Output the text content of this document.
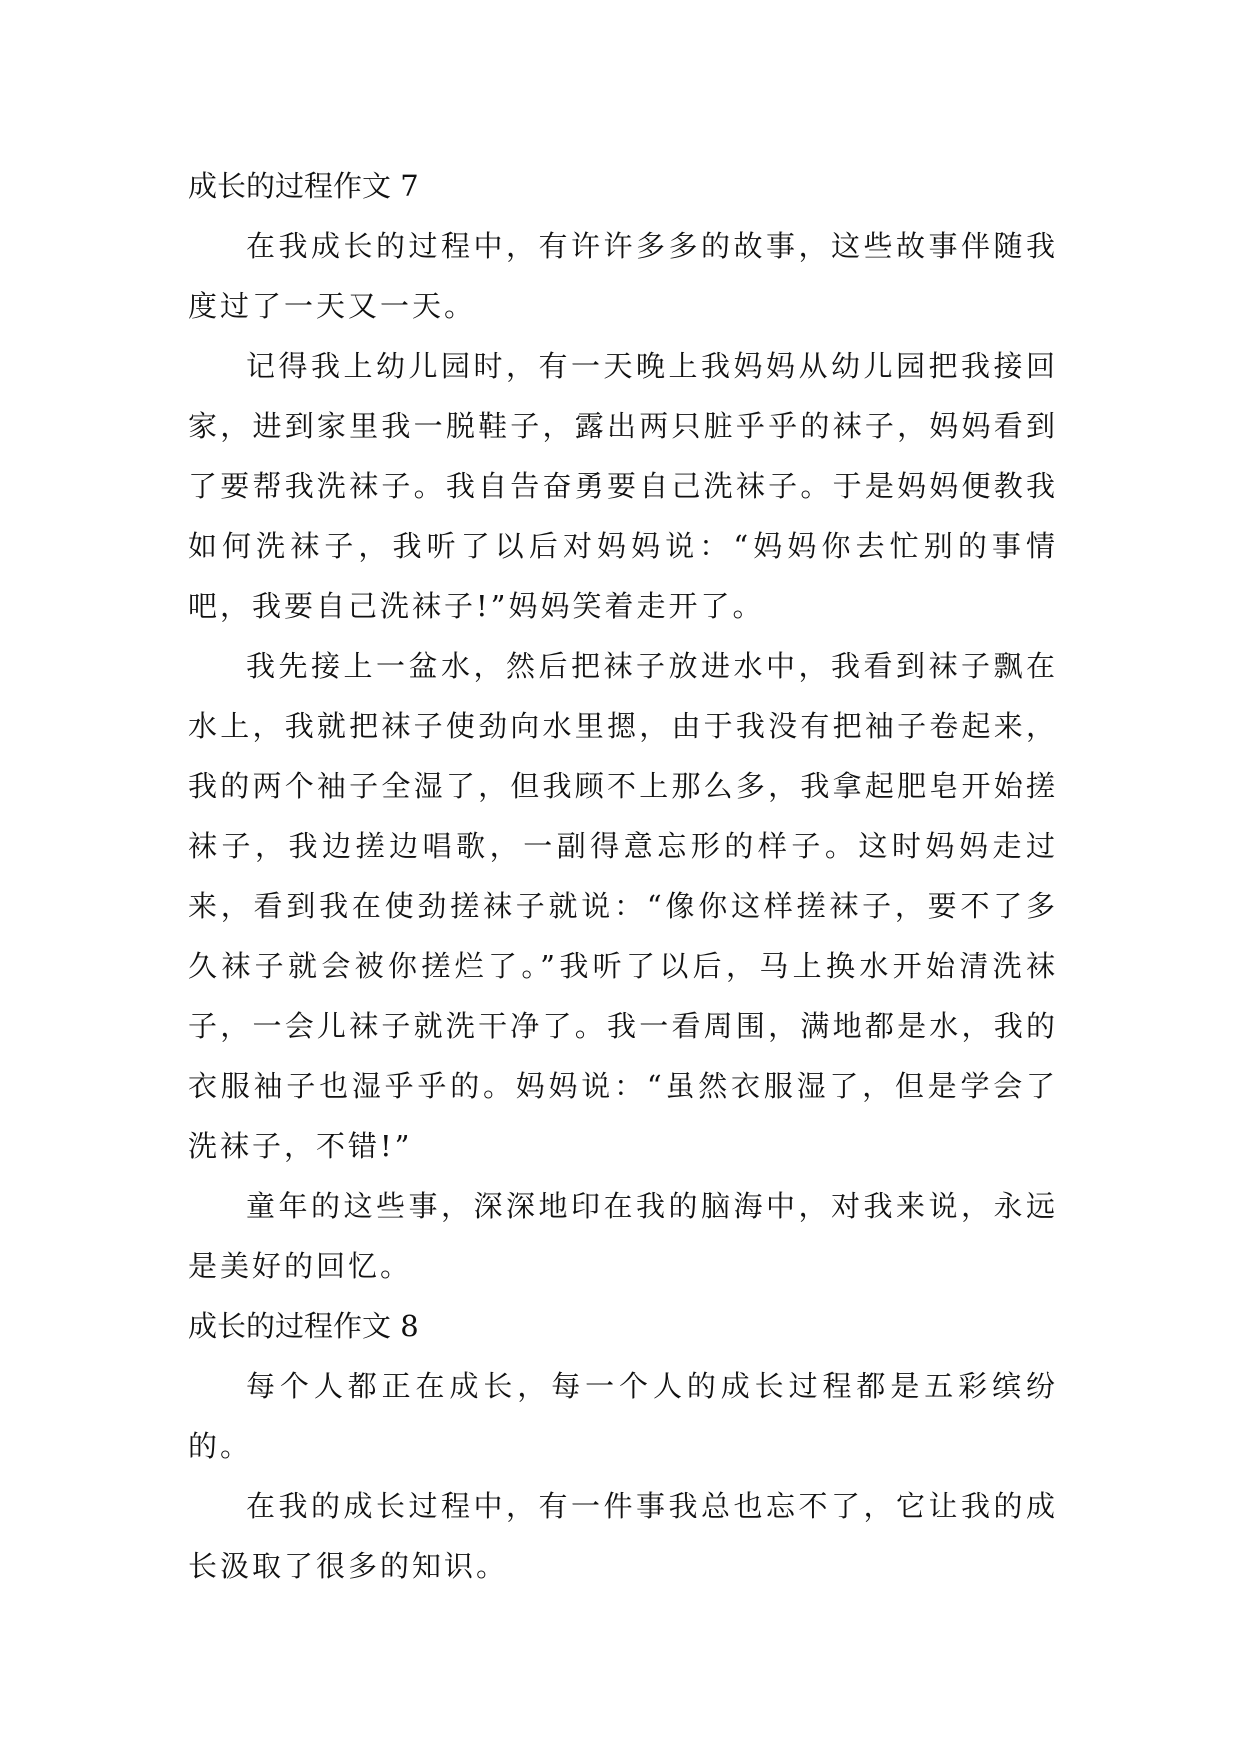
成长的过程作文 7

在我成长的过程中，有许许多多的故事，这些故事伴随我度过了一天又一天。

记得我上幼儿园时，有一天晚上我妈妈从幼儿园把我接回家，进到家里我一脱鞋子，露出两只脏乎乎的袜子，妈妈看到了要帮我洗袜子。我自告奋勇要自己洗袜子。于是妈妈便教我如何洗袜子，我听了以后对妈妈说：“妈妈你去忙别的事情吧，我要自己洗袜子!”妈妈笑着走开了。

我先接上一盆水，然后把袜子放进水中，我看到袜子飘在水上，我就把袜子使劲向水里摁，由于我没有把袖子卷起来，我的两个袖子全湿了，但我顾不上那么多，我拿起肥皂开始搓袜子，我边搓边唱歌，一副得意忘形的样子。这时妈妈走过来，看到我在使劲搓袜子就说：“像你这样搓袜子，要不了多久袜子就会被你搓烂了。”我听了以后，马上换水开始清洗袜子，一会儿袜子就洗干净了。我一看周围，满地都是水，我的衣服袖子也湿乎乎的。妈妈说：“虽然衣服湿了，但是学会了洗袜子，不错!”

童年的这些事，深深地印在我的脑海中，对我来说，永远是美好的回忆。

成长的过程作文 8

每个人都正在成长，每一个人的成长过程都是五彩缤纷的。

在我的成长过程中，有一件事我总也忘不了，它让我的成长汲取了很多的知识。
